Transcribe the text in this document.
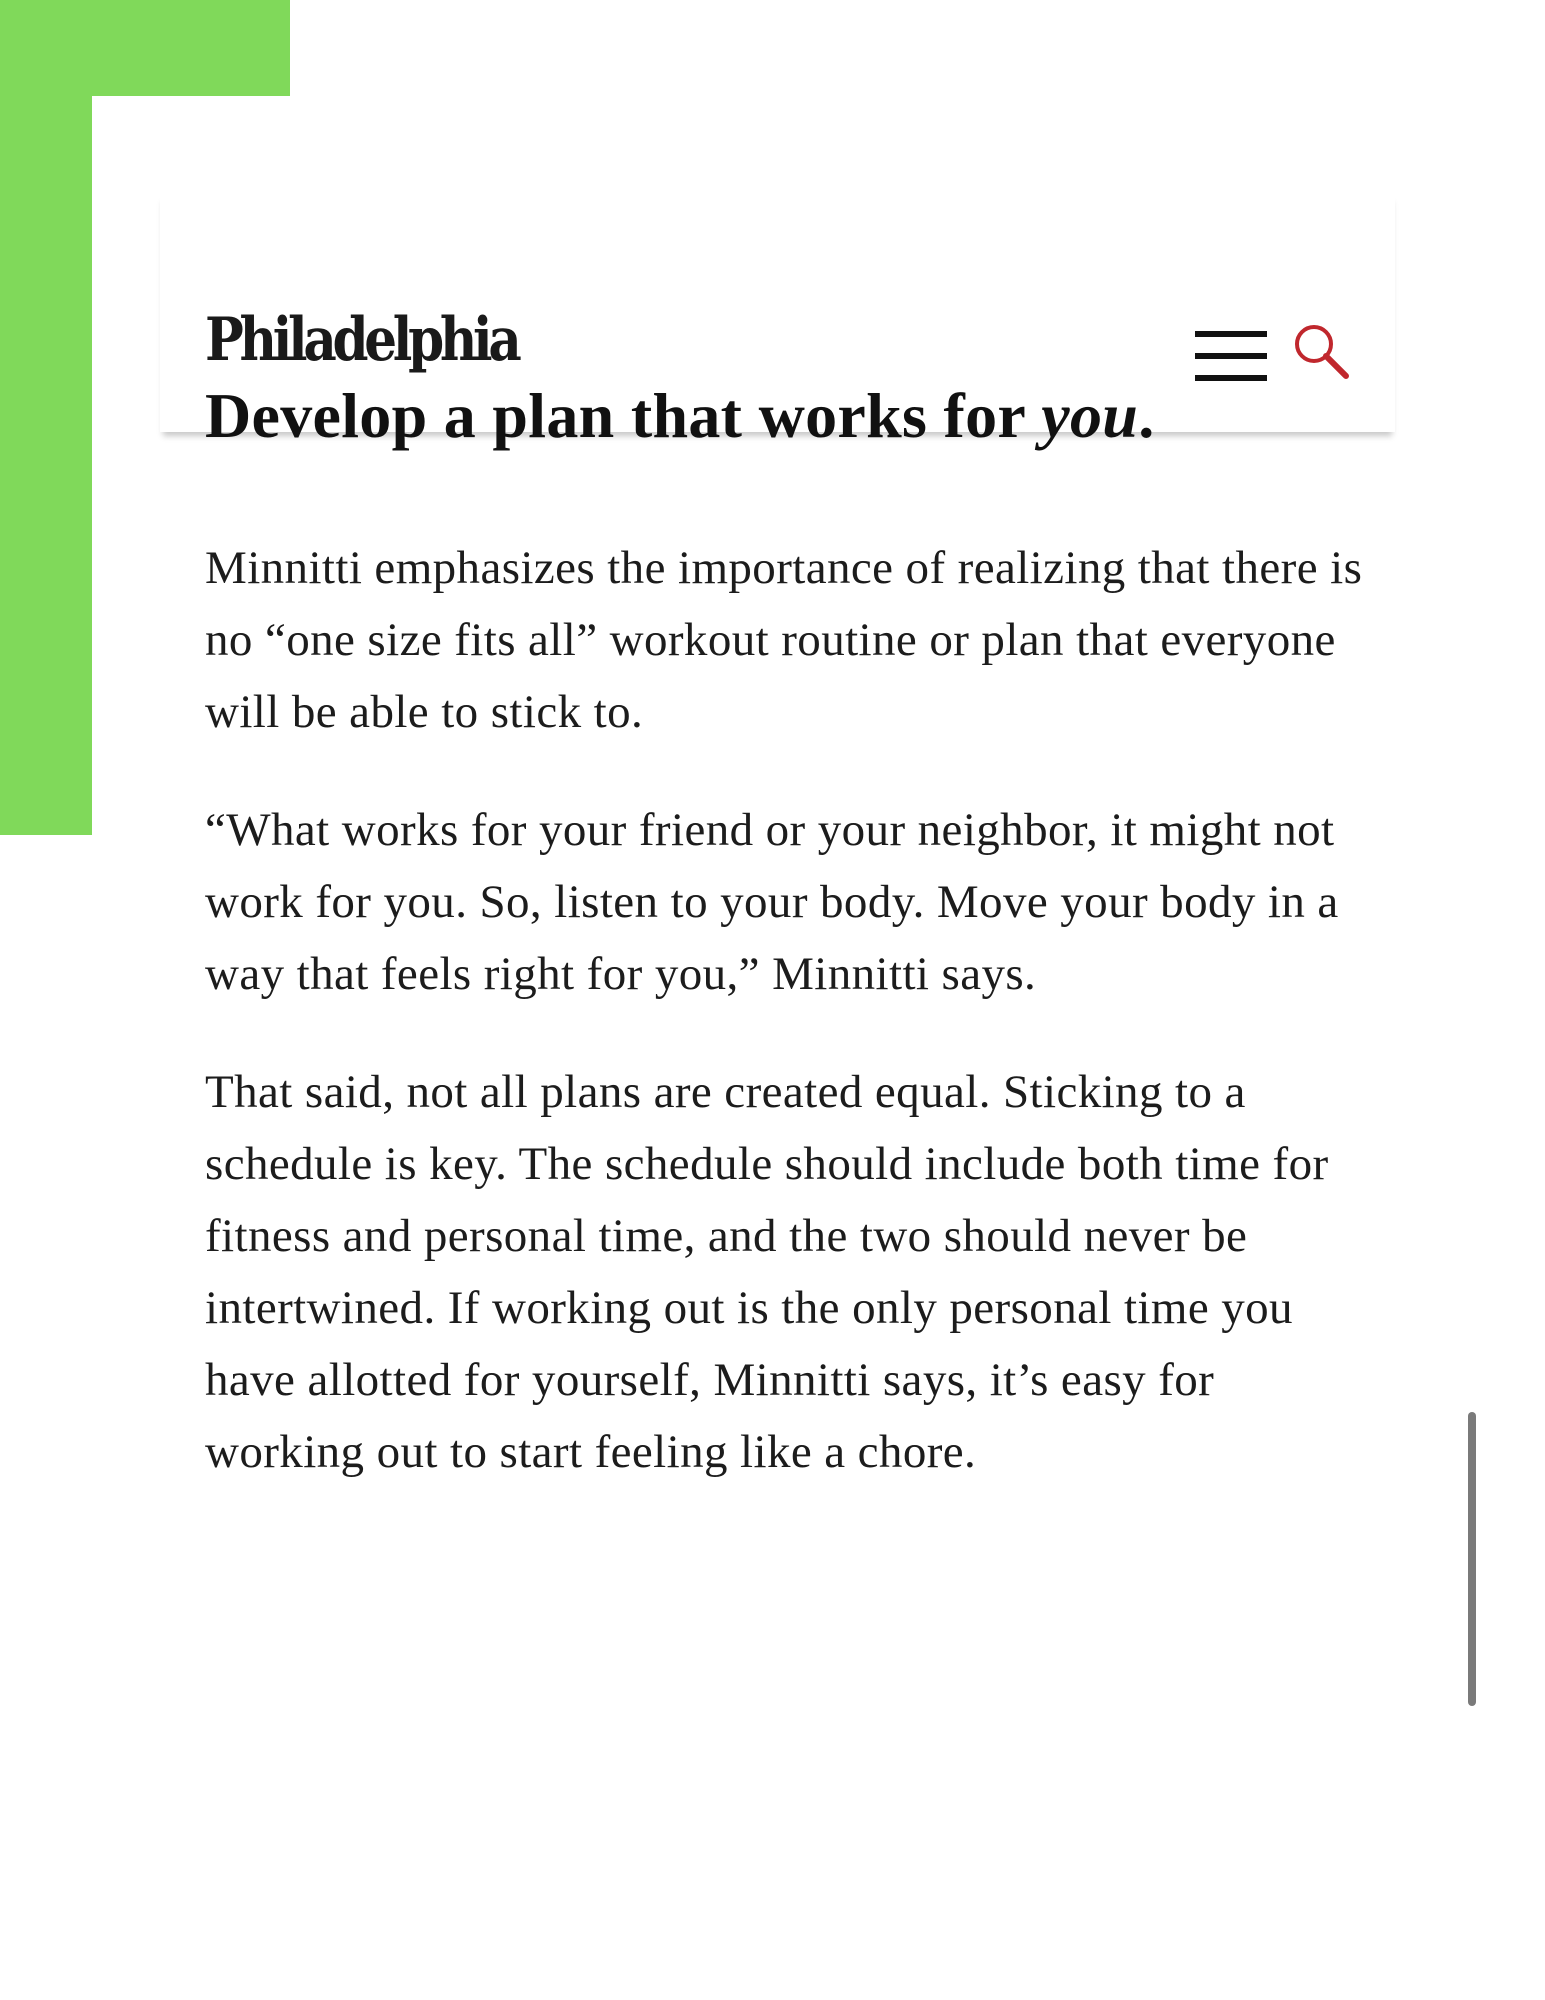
Philadelphia
Develop a plan that works for you.

Minnitti emphasizes the importance of realizing that there is no “one size fits all” workout routine or plan that everyone will be able to stick to.

“What works for your friend or your neighbor, it might not work for you. So, listen to your body. Move your body in a way that feels right for you,” Minnitti says.

That said, not all plans are created equal. Sticking to a schedule is key. The schedule should include both time for fitness and personal time, and the two should never be intertwined. If working out is the only personal time you have allotted for yourself, Minnitti says, it’s easy for working out to start feeling like a chore.
